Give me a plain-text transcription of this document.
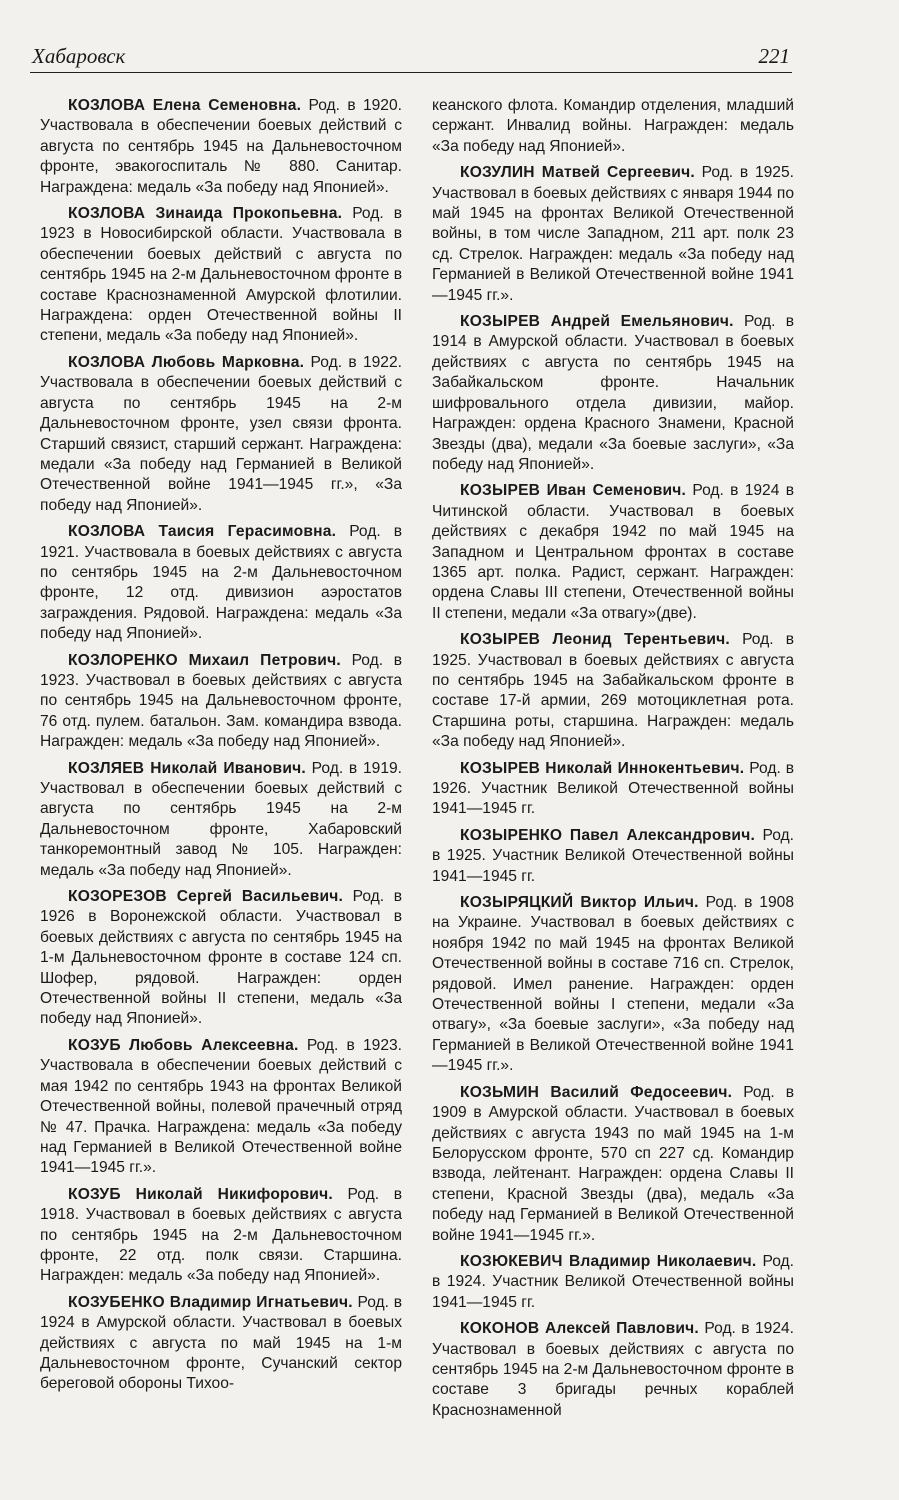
Хабаровск	221

КОЗЛОВА Елена Семеновна. Род. в 1920. Участвовала в обеспечении боевых действий с августа по сентябрь 1945 на Дальневосточном фронте, эвакогоспиталь № 880. Санитар. Награждена: медаль «За победу над Японией».

КОЗЛОВА Зинаида Прокопьевна. Род. в 1923 в Новосибирской области. Участвовала в обеспечении боевых действий с августа по сентябрь 1945 на 2-м Дальневосточном фронте в составе Краснознаменной Амурской флотилии. Награждена: орден Отечественной войны II степени, медаль «За победу над Японией».

КОЗЛОВА Любовь Марковна. Род. в 1922. Участвовала в обеспечении боевых действий с августа по сентябрь 1945 на 2-м Дальневосточном фронте, узел связи фронта. Старший связист, старший сержант. Награждена: медали «За победу над Германией в Великой Отечественной войне 1941—1945 гг.», «За победу над Японией».

КОЗЛОВА Таисия Герасимовна. Род. в 1921. Участвовала в боевых действиях с августа по сентябрь 1945 на 2-м Дальневосточном фронте, 12 отд. дивизион аэростатов заграждения. Рядовой. Награждена: медаль «За победу над Японией».

КОЗЛОРЕНКО Михаил Петрович. Род. в 1923. Участвовал в боевых действиях с августа по сентябрь 1945 на Дальневосточном фронте, 76 отд. пулем. батальон. Зам. командира взвода. Награжден: медаль «За победу над Японией».

КОЗЛЯЕВ Николай Иванович. Род. в 1919. Участвовал в обеспечении боевых действий с августа по сентябрь 1945 на 2-м Дальневосточном фронте, Хабаровский танкоремонтный завод № 105. Награжден: медаль «За победу над Японией».

КОЗОРЕЗОВ Сергей Васильевич. Род. в 1926 в Воронежской области. Участвовал в боевых действиях с августа по сентябрь 1945 на 1-м Дальневосточном фронте в составе 124 сп. Шофер, рядовой. Награжден: орден Отечественной войны II степени, медаль «За победу над Японией».

КОЗУБ Любовь Алексеевна. Род. в 1923. Участвовала в обеспечении боевых действий с мая 1942 по сентябрь 1943 на фронтах Великой Отечественной войны, полевой прачечный отряд № 47. Прачка. Награждена: медаль «За победу над Германией в Великой Отечественной войне 1941—1945 гг.».

КОЗУБ Николай Никифорович. Род. в 1918. Участвовал в боевых действиях с августа по сентябрь 1945 на 2-м Дальневосточном фронте, 22 отд. полк связи. Старшина. Награжден: медаль «За победу над Японией».

КОЗУБЕНКО Владимир Игнатьевич. Род. в 1924 в Амурской области. Участвовал в боевых действиях с августа по май 1945 на 1-м Дальневосточном фронте, Сучанский сектор береговой обороны Тихоо-

кеанского флота. Командир отделения, младший сержант. Инвалид войны. Награжден: медаль «За победу над Японией».

КОЗУЛИН Матвей Сергеевич. Род. в 1925. Участвовал в боевых действиях с января 1944 по май 1945 на фронтах Великой Отечественной войны, в том числе Западном, 211 арт. полк 23 сд. Стрелок. Награжден: медаль «За победу над Германией в Великой Отечественной войне 1941—1945 гг.».

КОЗЫРЕВ Андрей Емельянович. Род. в 1914 в Амурской области. Участвовал в боевых действиях с августа по сентябрь 1945 на Забайкальском фронте. Начальник шифровального отдела дивизии, майор. Награжден: ордена Красного Знамени, Красной Звезды (два), медали «За боевые заслуги», «За победу над Японией».

КОЗЫРЕВ Иван Семенович. Род. в 1924 в Читинской области. Участвовал в боевых действиях с декабря 1942 по май 1945 на Западном и Центральном фронтах в составе 1365 арт. полка. Радист, сержант. Награжден: ордена Славы III степени, Отечественной войны II степени, медали «За отвагу»(две).

КОЗЫРЕВ Леонид Терентьевич. Род. в 1925. Участвовал в боевых действиях с августа по сентябрь 1945 на Забайкальском фронте в составе 17-й армии, 269 мотоциклетная рота. Старшина роты, старшина. Награжден: медаль «За победу над Японией».

КОЗЫРЕВ Николай Иннокентьевич. Род. в 1926. Участник Великой Отечественной войны 1941—1945 гг.

КОЗЫРЕНКО Павел Александрович. Род. в 1925. Участник Великой Отечественной войны 1941—1945 гг.

КОЗЫРЯЦКИЙ Виктор Ильич. Род. в 1908 на Украине. Участвовал в боевых действиях с ноября 1942 по май 1945 на фронтах Великой Отечественной войны в составе 716 сп. Стрелок, рядовой. Имел ранение. Награжден: орден Отечественной войны I степени, медали «За отвагу», «За боевые заслуги», «За победу над Германией в Великой Отечественной войне 1941—1945 гг.».

КОЗЬМИН Василий Федосеевич. Род. в 1909 в Амурской области. Участвовал в боевых действиях с августа 1943 по май 1945 на 1-м Белорусском фронте, 570 сп 227 сд. Командир взвода, лейтенант. Награжден: ордена Славы II степени, Красной Звезды (два), медаль «За победу над Германией в Великой Отечественной войне 1941—1945 гг.».

КОЗЮКЕВИЧ Владимир Николаевич. Род. в 1924. Участник Великой Отечественной войны 1941—1945 гг.

КОКОНОВ Алексей Павлович. Род. в 1924. Участвовал в боевых действиях с августа по сентябрь 1945 на 2-м Дальневосточном фронте в составе 3 бригады речных кораблей Краснознаменной
